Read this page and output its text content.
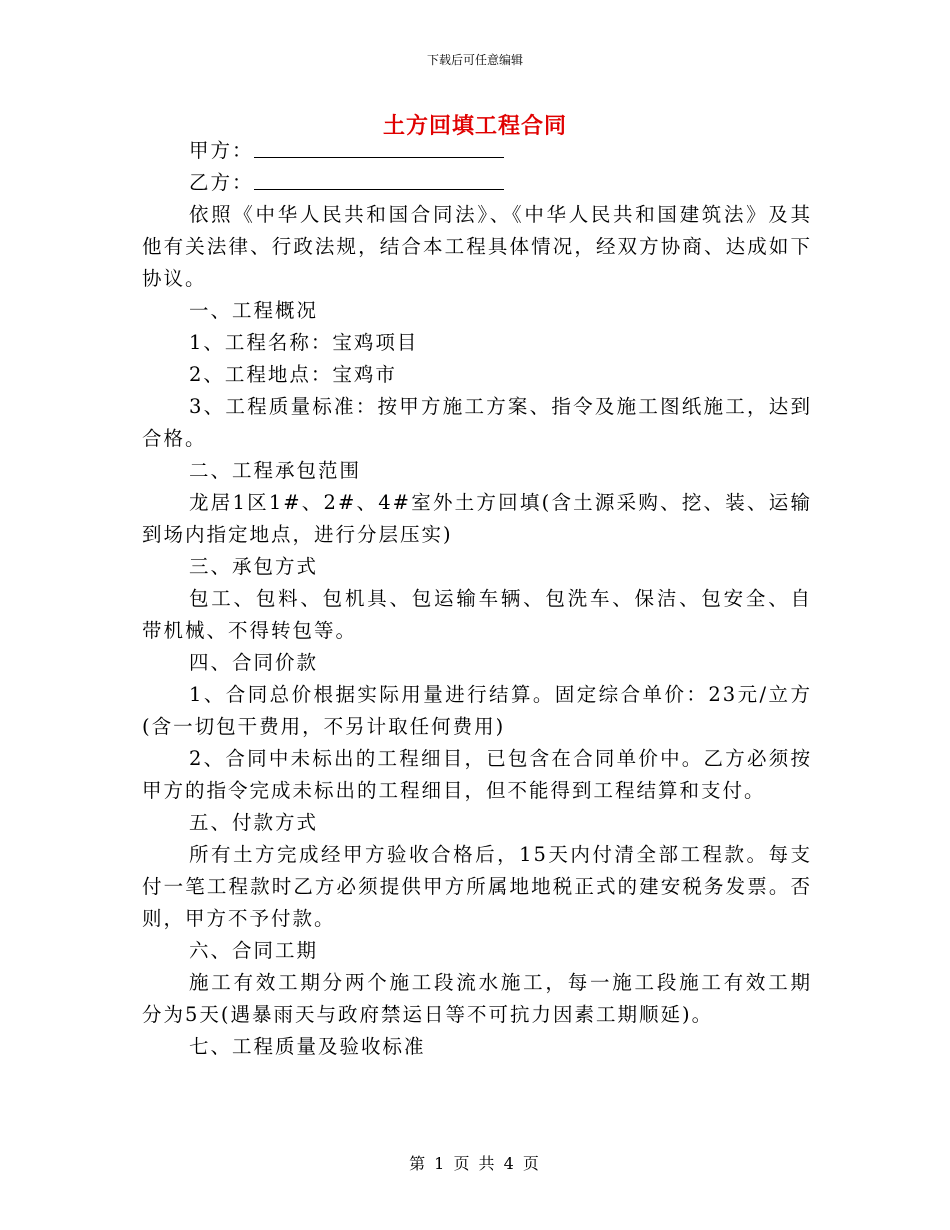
下载后可任意编辑
土方回填工程合同

甲方：

乙方：

依照《中华人民共和国合同法》、《中华人民共和国建筑法》及其他有关法律、行政法规，结合本工程具体情况，经双方协商、达成如下协议。

一、工程概况

1、工程名称：宝鸡项目

2、工程地点：宝鸡市

3、工程质量标准：按甲方施工方案、指令及施工图纸施工，达到合格。

二、工程承包范围

龙居1区1#、2#、4#室外土方回填(含土源采购、挖、装、运输到场内指定地点，进行分层压实)

三、承包方式

包工、包料、包机具、包运输车辆、包洗车、保洁、包安全、自带机械、不得转包等。

四、合同价款

1、合同总价根据实际用量进行结算。固定综合单价：23元/立方(含一切包干费用，不另计取任何费用)

2、合同中未标出的工程细目，已包含在合同单价中。乙方必须按甲方的指令完成未标出的工程细目，但不能得到工程结算和支付。

五、付款方式

所有土方完成经甲方验收合格后，15天内付清全部工程款。每支付一笔工程款时乙方必须提供甲方所属地地税正式的建安税务发票。否则，甲方不予付款。

六、合同工期

施工有效工期分两个施工段流水施工，每一施工段施工有效工期分为5天(遇暴雨天与政府禁运日等不可抗力因素工期顺延)。

七、工程质量及验收标准

第 1 页 共 4 页
